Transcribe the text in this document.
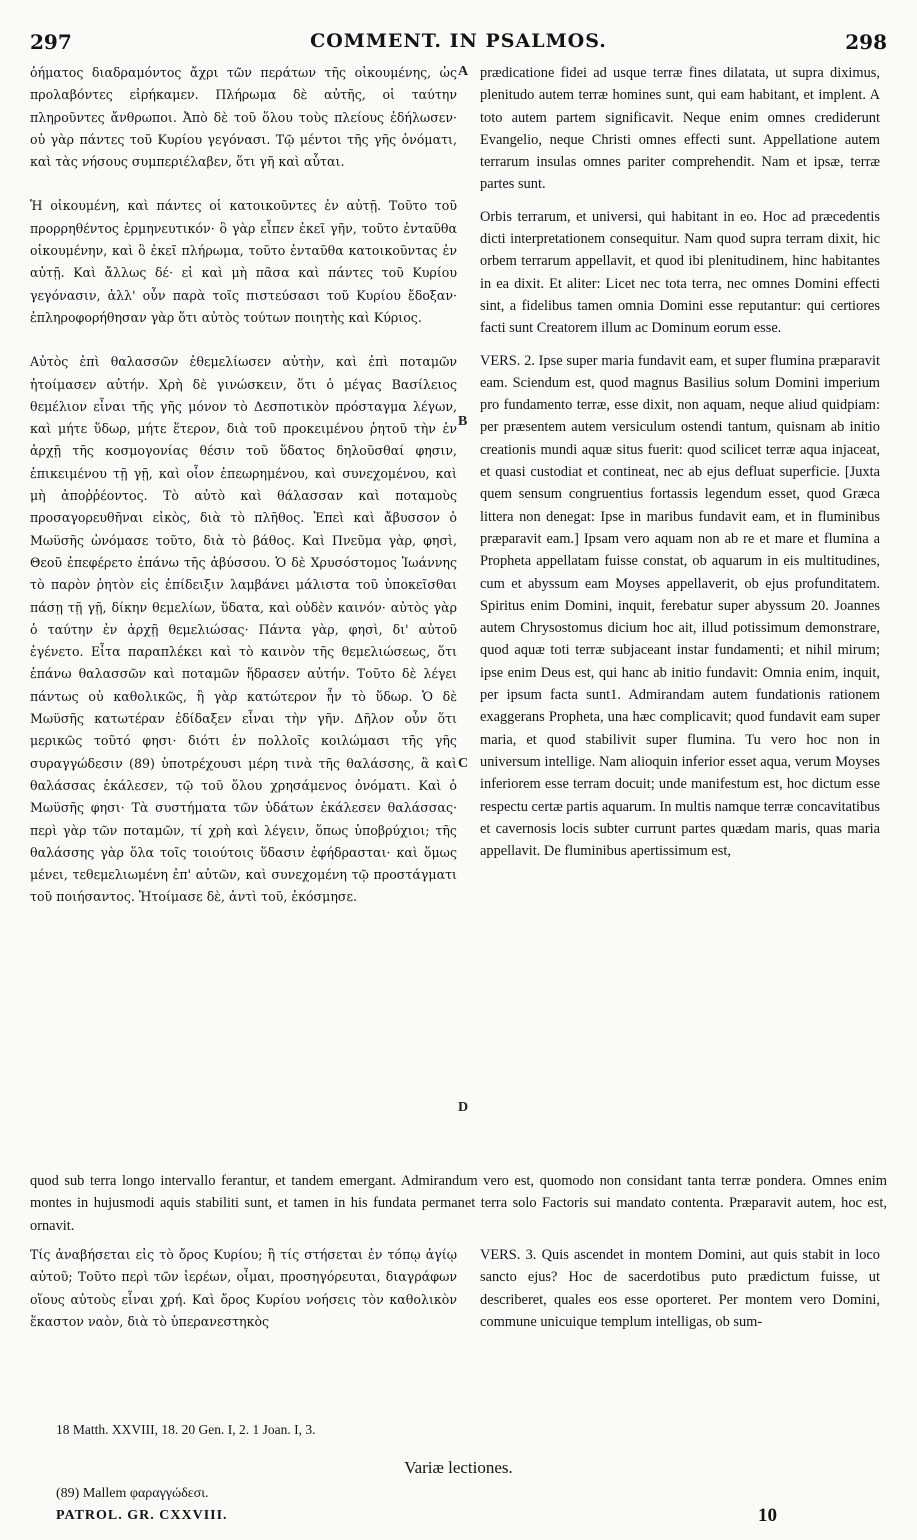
297	COMMENT. IN PSALMOS.	298

ὀήματος διαδραμόντος ἄχρι τῶν περάτων τῆς οἰκουμένης, ὡς προλαβόντες εἰρήκαμεν. Πλήρωμα δὲ αὐτῆς, οἱ ταύτην πληροῦντες ἄνθρωποι. Ἀπὸ δὲ τοῦ ὅλου τοὺς πλείους ἐδήλωσεν· οὐ γὰρ πάντες τοῦ Κυρίου γεγόνασι. Τῷ μέντοι τῆς γῆς ὀνόματι, καὶ τὰς νήσους συμπεριέλαβεν, ὅτι γῆ καὶ αὗται.

Ἡ οἰκουμένη, καὶ πάντες οἱ κατοικοῦντες ἐν αὐτῇ. Τοῦτο τοῦ προρρηθέντος ἑρμηνευτικόν· ὃ γὰρ εἶπεν ἐκεῖ γῆν, τοῦτο ἐνταῦθα οἰκουμένην, καὶ ὃ ἐκεῖ πλήρωμα, τοῦτο ἐνταῦθα κατοικοῦντας ἐν αὐτῇ. Καὶ ἄλλως δέ· εἰ καὶ μὴ πᾶσα καὶ πάντες τοῦ Κυρίου γεγόνασιν, ἀλλ' οὖν παρὰ τοῖς πιστεύσασι τοῦ Κυρίου ἔδοξαν· ἐπληροφορήθησαν γὰρ ὅτι αὐτὸς τούτων ποιητὴς καὶ Κύριος.

Αὐτὸς ἐπὶ θαλασσῶν ἐθεμελίωσεν αὐτὴν, καὶ ἐπὶ ποταμῶν ἡτοίμασεν αὐτήν. Χρὴ δὲ γινώσκειν, ὅτι ὁ μέγας Βασίλειος θεμέλιον εἶναι τῆς γῆς μόνον τὸ Δεσποτικὸν πρόσταγμα λέγων, καὶ μήτε ὕδωρ, μήτε ἕτερον, διὰ τοῦ προκειμένου ῥητοῦ τὴν ἐν ἀρχῇ τῆς κοσμογονίας θέσιν τοῦ ὕδατος δηλοῦσθαί φησιν, ἐπικειμένου τῇ γῇ, καὶ οἷον ἐπεωρημένου, καὶ συνεχομένου, καὶ μὴ ἀποῤῥέοντος. Τὸ αὐτὸ καὶ θάλασσαν καὶ ποταμοὺς προσαγορευθῆναι εἰκὸς, διὰ τὸ πλῆθος. Ἐπεὶ καὶ ἄβυσσον ὁ Μωϋσῆς ὠνόμασε τοῦτο, διὰ τὸ βάθος. Καὶ Πνεῦμα γὰρ, φησὶ, Θεοῦ ἐπεφέρετο ἐπάνω τῆς ἀβύσσου. Ὁ δὲ Χρυσόστομος Ἰωάννης τὸ παρὸν ῥητὸν εἰς ἐπίδειξιν λαμβάνει μάλιστα τοῦ ὑποκεῖσθαι πάσῃ τῇ γῇ, δίκην θεμελίων, ὕδατα, καὶ οὐδὲν καινόν· αὐτὸς γὰρ ὁ ταύτην ἐν ἀρχῇ θεμελιώσας· Πάντα γὰρ, φησὶ, δι' αὐτοῦ ἐγένετο. Εἶτα παραπλέκει καὶ τὸ καινὸν τῆς θεμελιώσεως, ὅτι ἐπάνω θαλασσῶν καὶ ποταμῶν ἥδρασεν αὐτήν. Τοῦτο δὲ λέγει πάντως οὐ καθολικῶς, ἢ γὰρ κατώτερον ἦν τὸ ὕδωρ. Ὁ δὲ Μωϋσῆς κατωτέραν ἐδίδαξεν εἶναι τὴν γῆν. Δῆλον οὖν ὅτι μερικῶς τοῦτό φησι· διότι ἐν πολλοῖς κοιλώμασι τῆς γῆς συραγγώδεσιν (89) ὑποτρέχουσι μέρη τινὰ τῆς θαλάσσης, ἃ καὶ θαλάσσας ἐκάλεσεν, τῷ τοῦ ὅλου χρησάμενος ὀνόματι. Καὶ ὁ Μωϋσῆς φησι· Τὰ συστήματα τῶν ὑδάτων ἐκάλεσεν θαλάσσας· περὶ γὰρ τῶν ποταμῶν, τί χρὴ καὶ λέγειν, ὅπως ὑποβρύχιοι; τῆς θαλάσσης γὰρ ὅλα τοῖς τοιούτοις ὕδασιν ἐφήδρασται· καὶ ὅμως μένει, τεθεμελιωμένη ἐπ' αὐτῶν, καὶ συνεχομένη τῷ προστάγματι τοῦ ποιήσαντος. Ἡτοίμασε δὲ, ἀντὶ τοῦ, ἐκόσμησε.

prædicatione fidei ad usque terræ fines dilatata, ut supra diximus, plenitudo autem terræ homines sunt, qui eam habitant, et implent. A toto autem partem significavit. Neque enim omnes crediderunt Evangelio, neque Christi omnes effecti sunt. Appellatione autem terrarum insulas omnes pariter comprehendit. Nam et ipsæ, terræ partes sunt.

Orbis terrarum, et universi, qui habitant in eo. Hoc ad præcedentis dicti interpretationem consequitur. Nam quod supra terram dixit, hic orbem terrarum appellavit, et quod ibi plenitudinem, hinc habitantes in ea dixit. Et aliter: Licet nec tota terra, nec omnes Domini effecti sint, a fidelibus tamen omnia Domini esse reputantur: qui certiores facti sunt Creatorem illum ac Dominum eorum esse.

VERS. 2. Ipse super maria fundavit eam, et super flumina præparavit eam. Sciendum est, quod magnus Basilius solum Domini imperium pro fundamento terræ, esse dixit, non aquam, neque aliud quidpiam: per præsentem autem versiculum ostendi tantum, quisnam ab initio creationis mundi aquæ situs fuerit: quod scilicet terræ aqua injaceat, et quasi custodiat et contineat, nec ab ejus defluat superficie. [Juxta quem sensum congruentius fortassis legendum esset, quod Græca littera non denegat: Ipse in maribus fundavit eam, et in fluminibus præparavit eam.] Ipsam vero aquam non ab re et mare et flumina a Propheta appellatam fuisse constat, ob aquarum in eis multitudines, cum et abyssum eam Moyses appellaverit, ob ejus profunditatem. Spiritus enim Domini, inquit, ferebatur super abyssum 20. Joannes autem Chrysostomus dicium hoc ait, illud potissimum demonstrare, quod aquæ toti terræ subjaceant instar fundamenti; et nihil mirum; ipse enim Deus est, qui hanc ab initio fundavit: Omnia enim, inquit, per ipsum facta sunt1. Admirandam autem fundationis rationem exaggerans Propheta, una hæc complicavit; quod fundavit eam super maria, et quod stabilivit super flumina. Tu vero hoc non in universum intellige. Nam alioquin inferior esset aqua, verum Moyses inferiorem esse terram docuit; unde manifestum est, hoc dictum esse respectu certæ partis aquarum. In multis namque terræ concavitatibus et cavernosis locis subter currunt partes quædam maris, quas maria appellavit. De fluminibus apertissimum est,

A
B
C
D
quod sub terra longo intervallo ferantur, et tandem emergant. Admirandum vero est, quomodo non considant tanta terræ pondera. Omnes enim montes in hujusmodi aquis stabiliti sunt, et tamen in his fundata permanet terra solo Factoris sui mandato contenta. Præparavit autem, hoc est, ornavit.

Τίς ἀναβήσεται εἰς τὸ ὄρος Κυρίου; ἢ τίς στήσεται ἐν τόπῳ ἁγίῳ αὐτοῦ; Τοῦτο περὶ τῶν ἱερέων, οἶμαι, προσηγόρευται, διαγράφων οἵους αὐτοὺς εἶναι χρή. Καὶ ὄρος Κυρίου νοήσεις τὸν καθολικὸν ἕκαστον ναὸν, διὰ τὸ ὑπερανεστηκὸς

VERS. 3. Quis ascendet in montem Domini, aut quis stabit in loco sancto ejus? Hoc de sacerdotibus puto prædictum fuisse, ut describeret, quales eos esse oporteret. Per montem vero Domini, commune unicuique templum intelligas, ob sum-

18 Matth. XXVIII, 18. 20 Gen. I, 2. 1 Joan. I, 3.
Variæ lectiones.
(89) Mallem φαραγγώδεσι.
PATROL. GR. CXXVIII.	10
